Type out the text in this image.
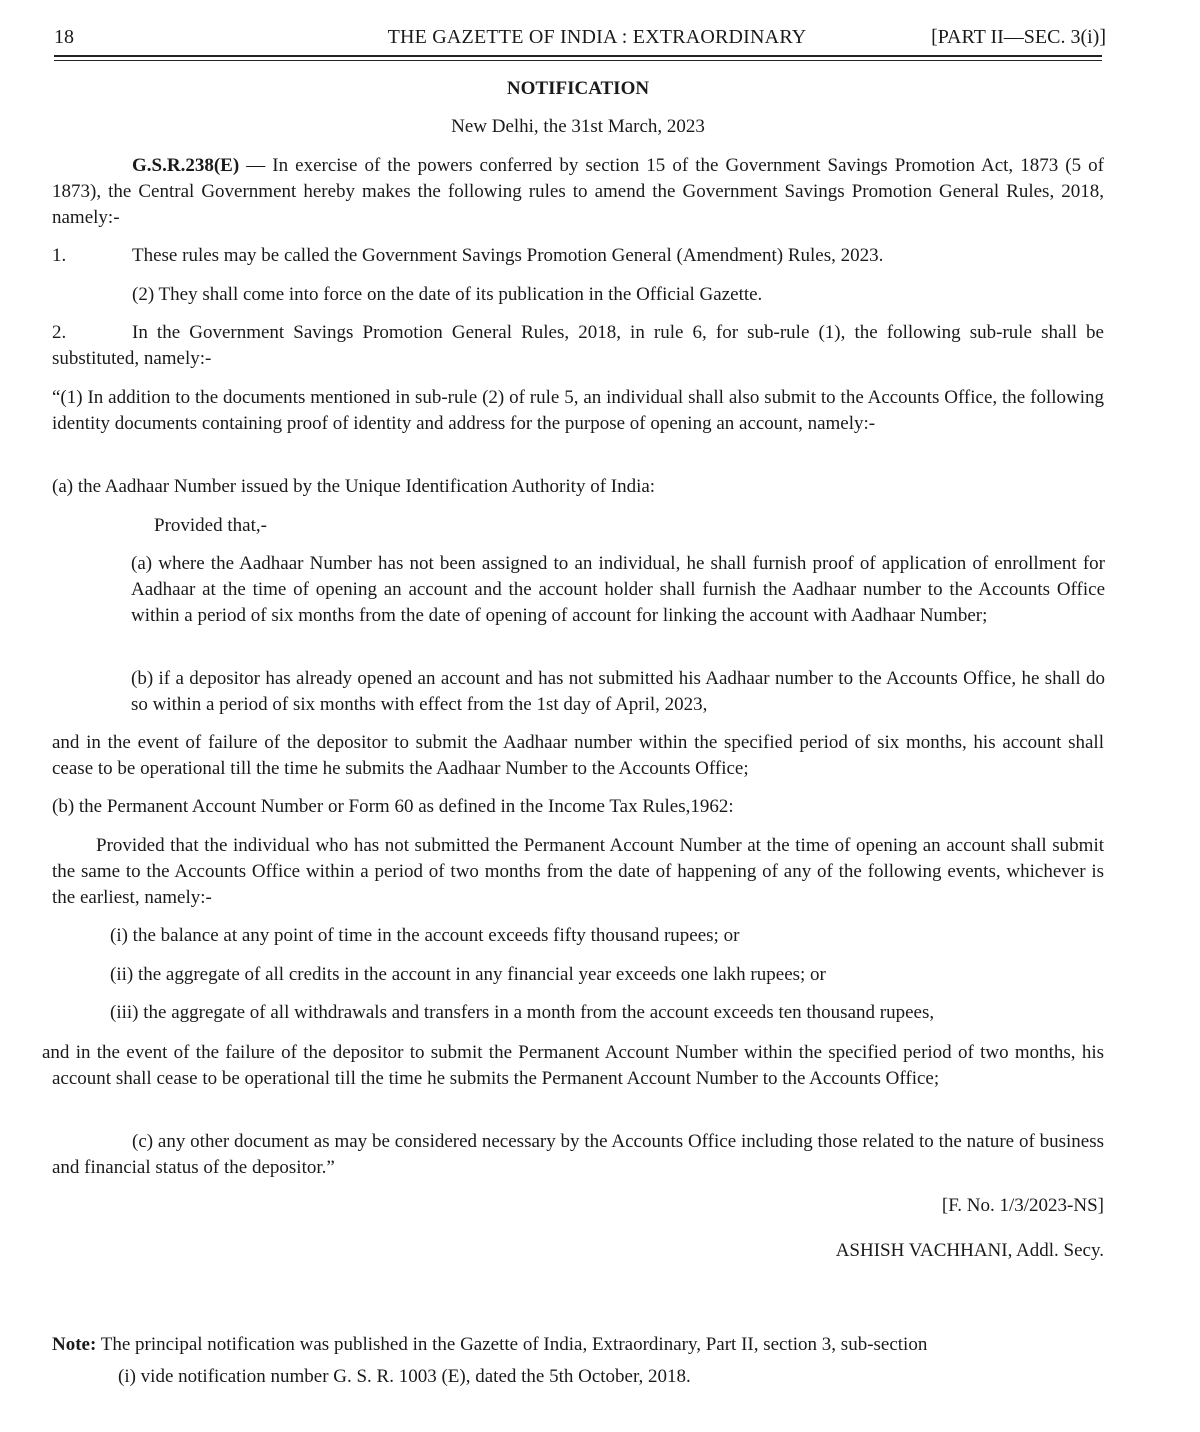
18	THE GAZETTE OF INDIA : EXTRAORDINARY	[PART II—SEC. 3(i)]

NOTIFICATION

New Delhi, the 31st March, 2023

G.S.R.238(E) — In exercise of the powers conferred by section 15 of the Government Savings Promotion Act, 1873 (5 of 1873), the Central Government hereby makes the following rules to amend the Government Savings Promotion General Rules, 2018, namely:-

1.	These rules may be called the Government Savings Promotion General (Amendment) Rules, 2023.

(2) They shall come into force on the date of its publication in the Official Gazette.

2.	In the Government Savings Promotion General Rules, 2018, in rule 6, for sub-rule (1), the following sub-rule shall be substituted, namely:-

“(1) In addition to the documents mentioned in sub-rule (2) of rule 5, an individual shall also submit to the Accounts Office, the following identity documents containing proof of identity and address for the purpose of opening an account, namely:-

(a) the Aadhaar Number issued by the Unique Identification Authority of India:

Provided that,-

(a) where the Aadhaar Number has not been assigned to an individual, he shall furnish proof of application of enrollment for Aadhaar at the time of opening an account and the account holder shall furnish the Aadhaar number to the Accounts Office within a period of six months from the date of opening of account for linking the account with Aadhaar Number;

(b) if a depositor has already opened an account and has not submitted his Aadhaar number to the Accounts Office, he shall do so within a period of six months with effect from the 1st day of April, 2023,

and in the event of failure of the depositor to submit the Aadhaar number within the specified period of six months, his account shall cease to be operational till the time he submits the Aadhaar Number to the Accounts Office;

(b) the Permanent Account Number or Form 60 as defined in the Income Tax Rules,1962:

Provided that the individual who has not submitted the Permanent Account Number at the time of opening an account shall submit the same to the Accounts Office within a period of two months from the date of happening of any of the following events, whichever is the earliest, namely:-

(i) the balance at any point of time in the account exceeds fifty thousand rupees; or

(ii) the aggregate of all credits in the account in any financial year exceeds one lakh rupees; or

(iii) the aggregate of all withdrawals and transfers in a month from the account exceeds ten thousand rupees,

and in the event of the failure of the depositor to submit the Permanent Account Number within the specified period of two months, his account shall cease to be operational till the time he submits the Permanent Account Number to the Accounts Office;

(c) any other document as may be considered necessary by the Accounts Office including those related to the nature of business and financial status of the depositor.”

[F. No. 1/3/2023-NS]

ASHISH VACHHANI, Addl. Secy.

Note: The principal notification was published in the Gazette of India, Extraordinary, Part II, section 3, sub-section
(i) vide notification number G. S. R. 1003 (E), dated the 5th October, 2018.
